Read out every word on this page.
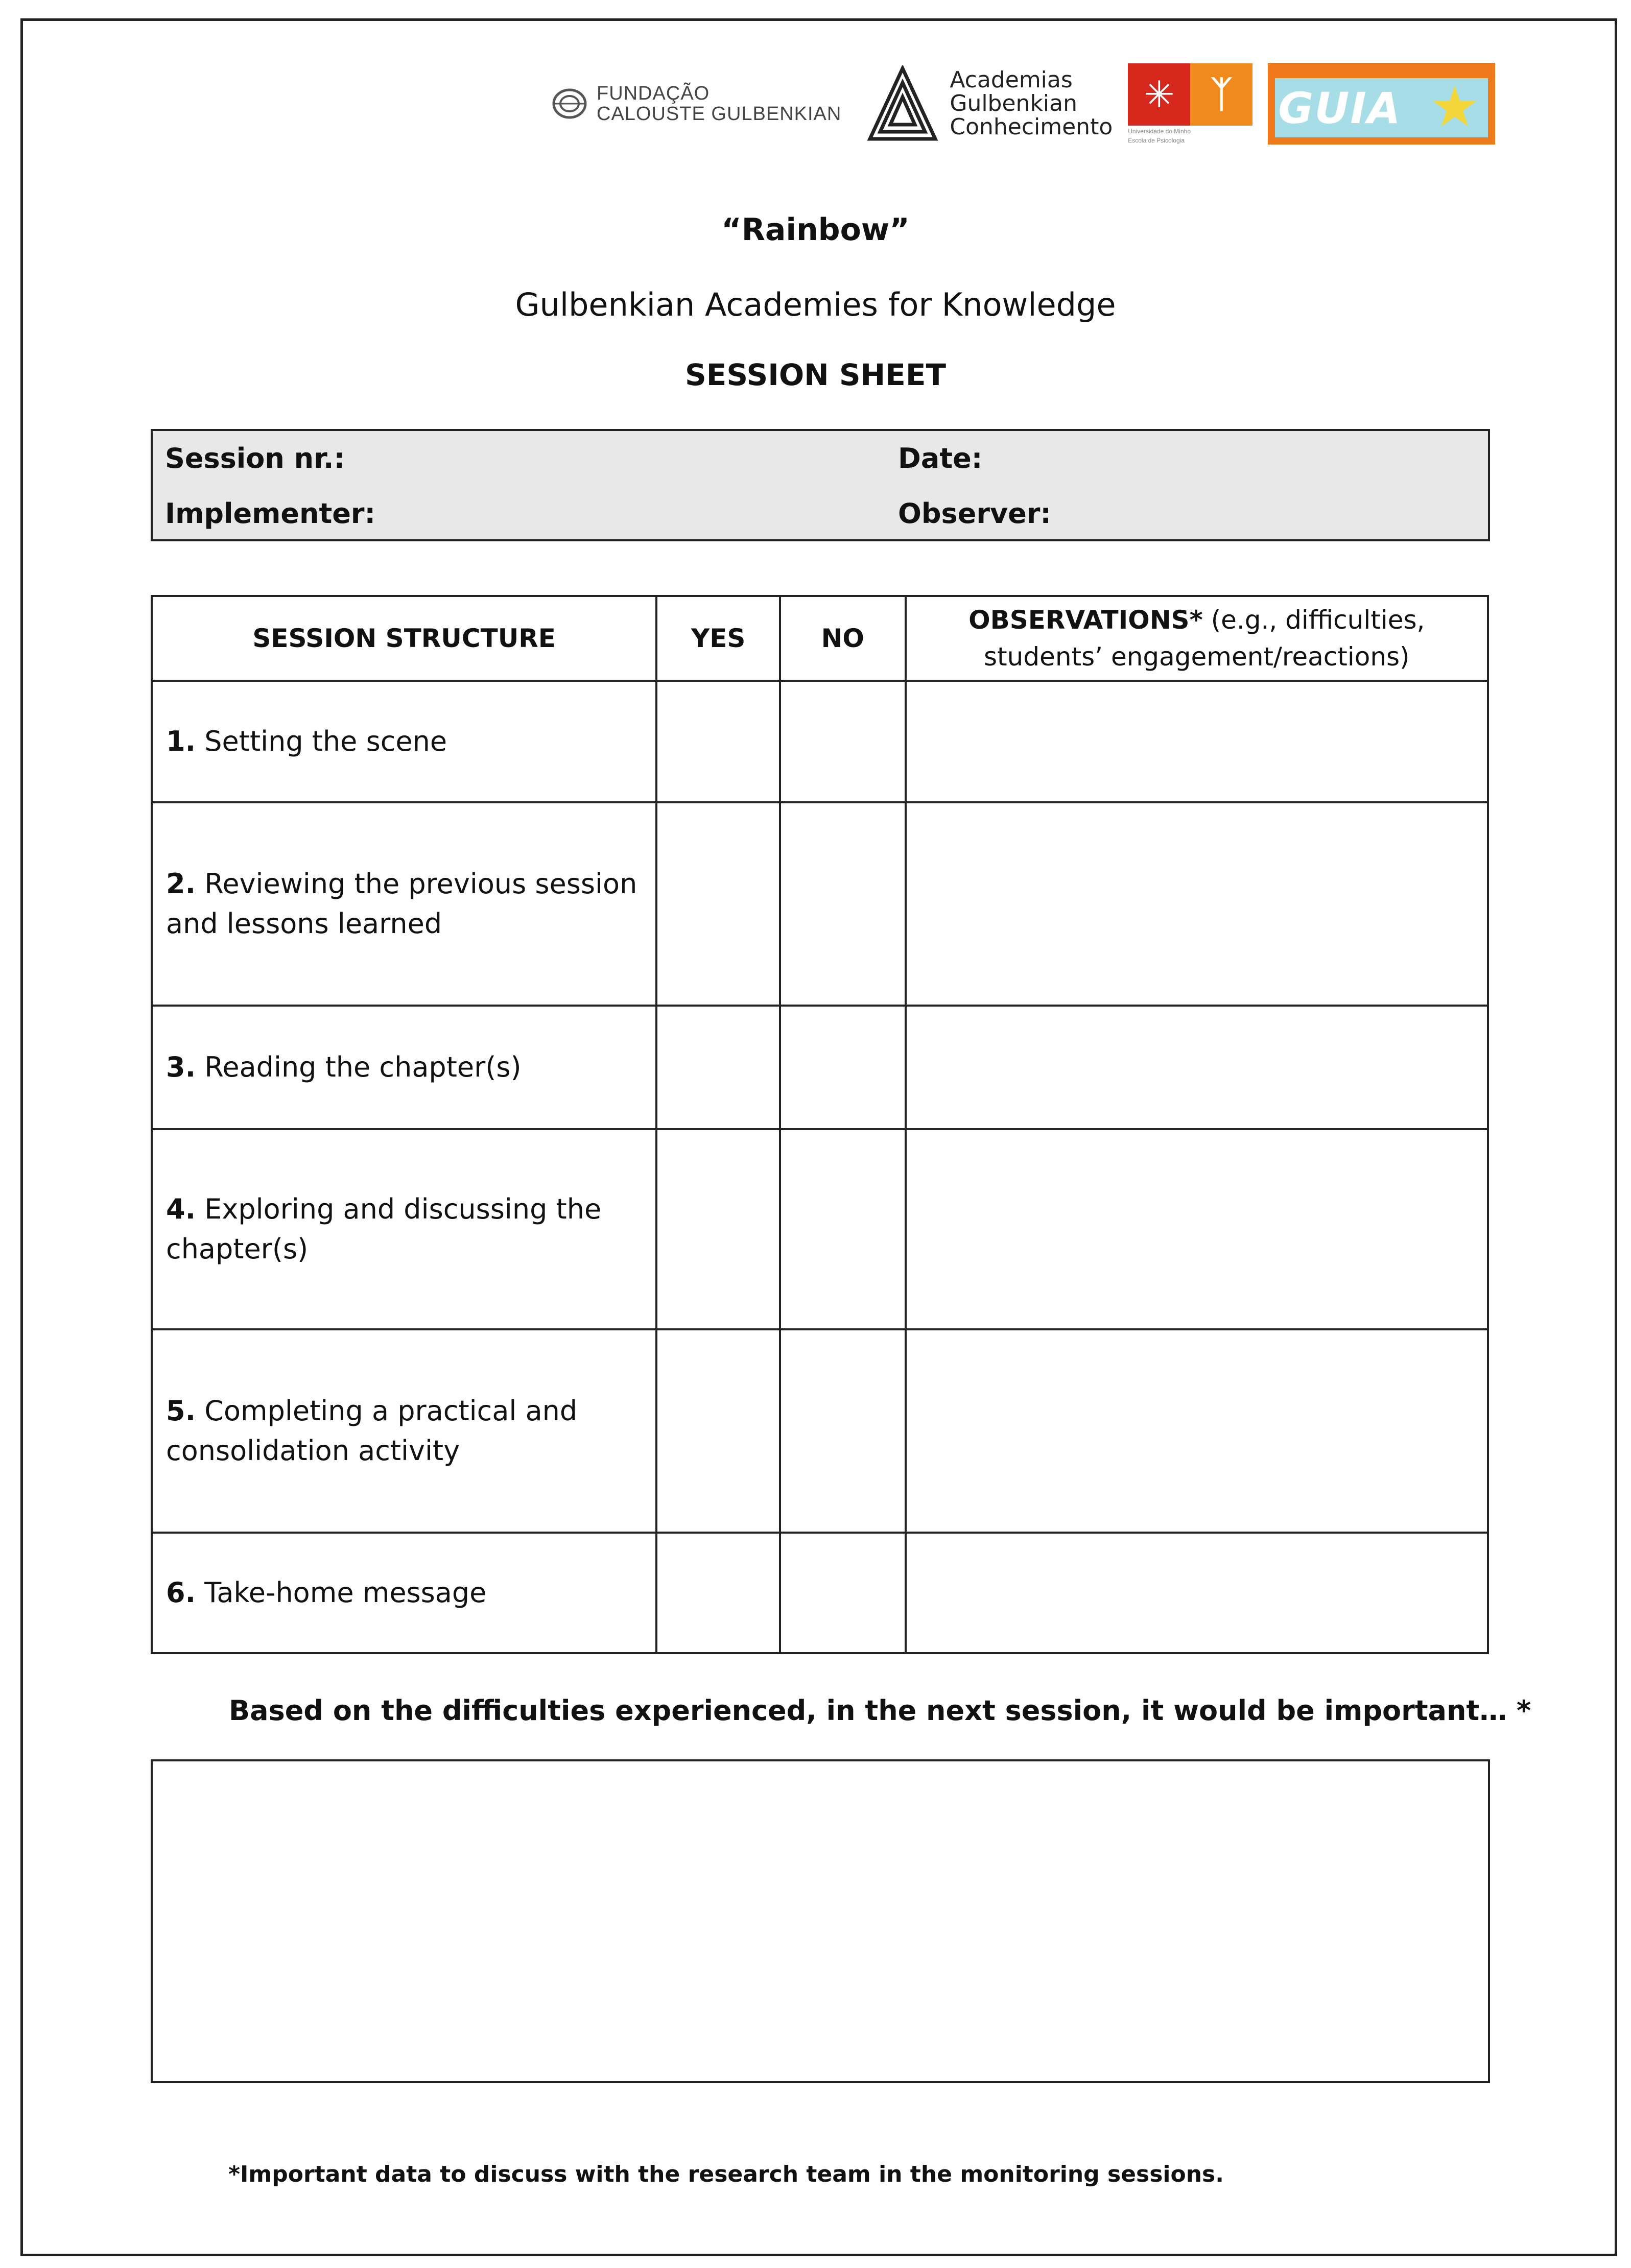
FUNDAÇÃO
CALOUSTE GULBENKIAN
Academias
Gulbenkian
Conhecimento
✳ ᛉ
Universidade do Minho
Escola de Psicologia
GUIA ★
“Rainbow”
Gulbenkian Academies for Knowledge
SESSION SHEET
Session nr.:	Date:
Implementer:	Observer:
SESSION STRUCTURE	YES	NO	OBSERVATIONS* (e.g., difficulties,
students’ engagement/reactions)
1. Setting the scene			
2. Reviewing the previous session
and lessons learned			
3. Reading the chapter(s)			
4. Exploring and discussing the
chapter(s)			
5. Completing a practical and
consolidation activity			
6. Take-home message			
Based on the difficulties experienced, in the next session, it would be important… *
*Important data to discuss with the research team in the monitoring sessions.
